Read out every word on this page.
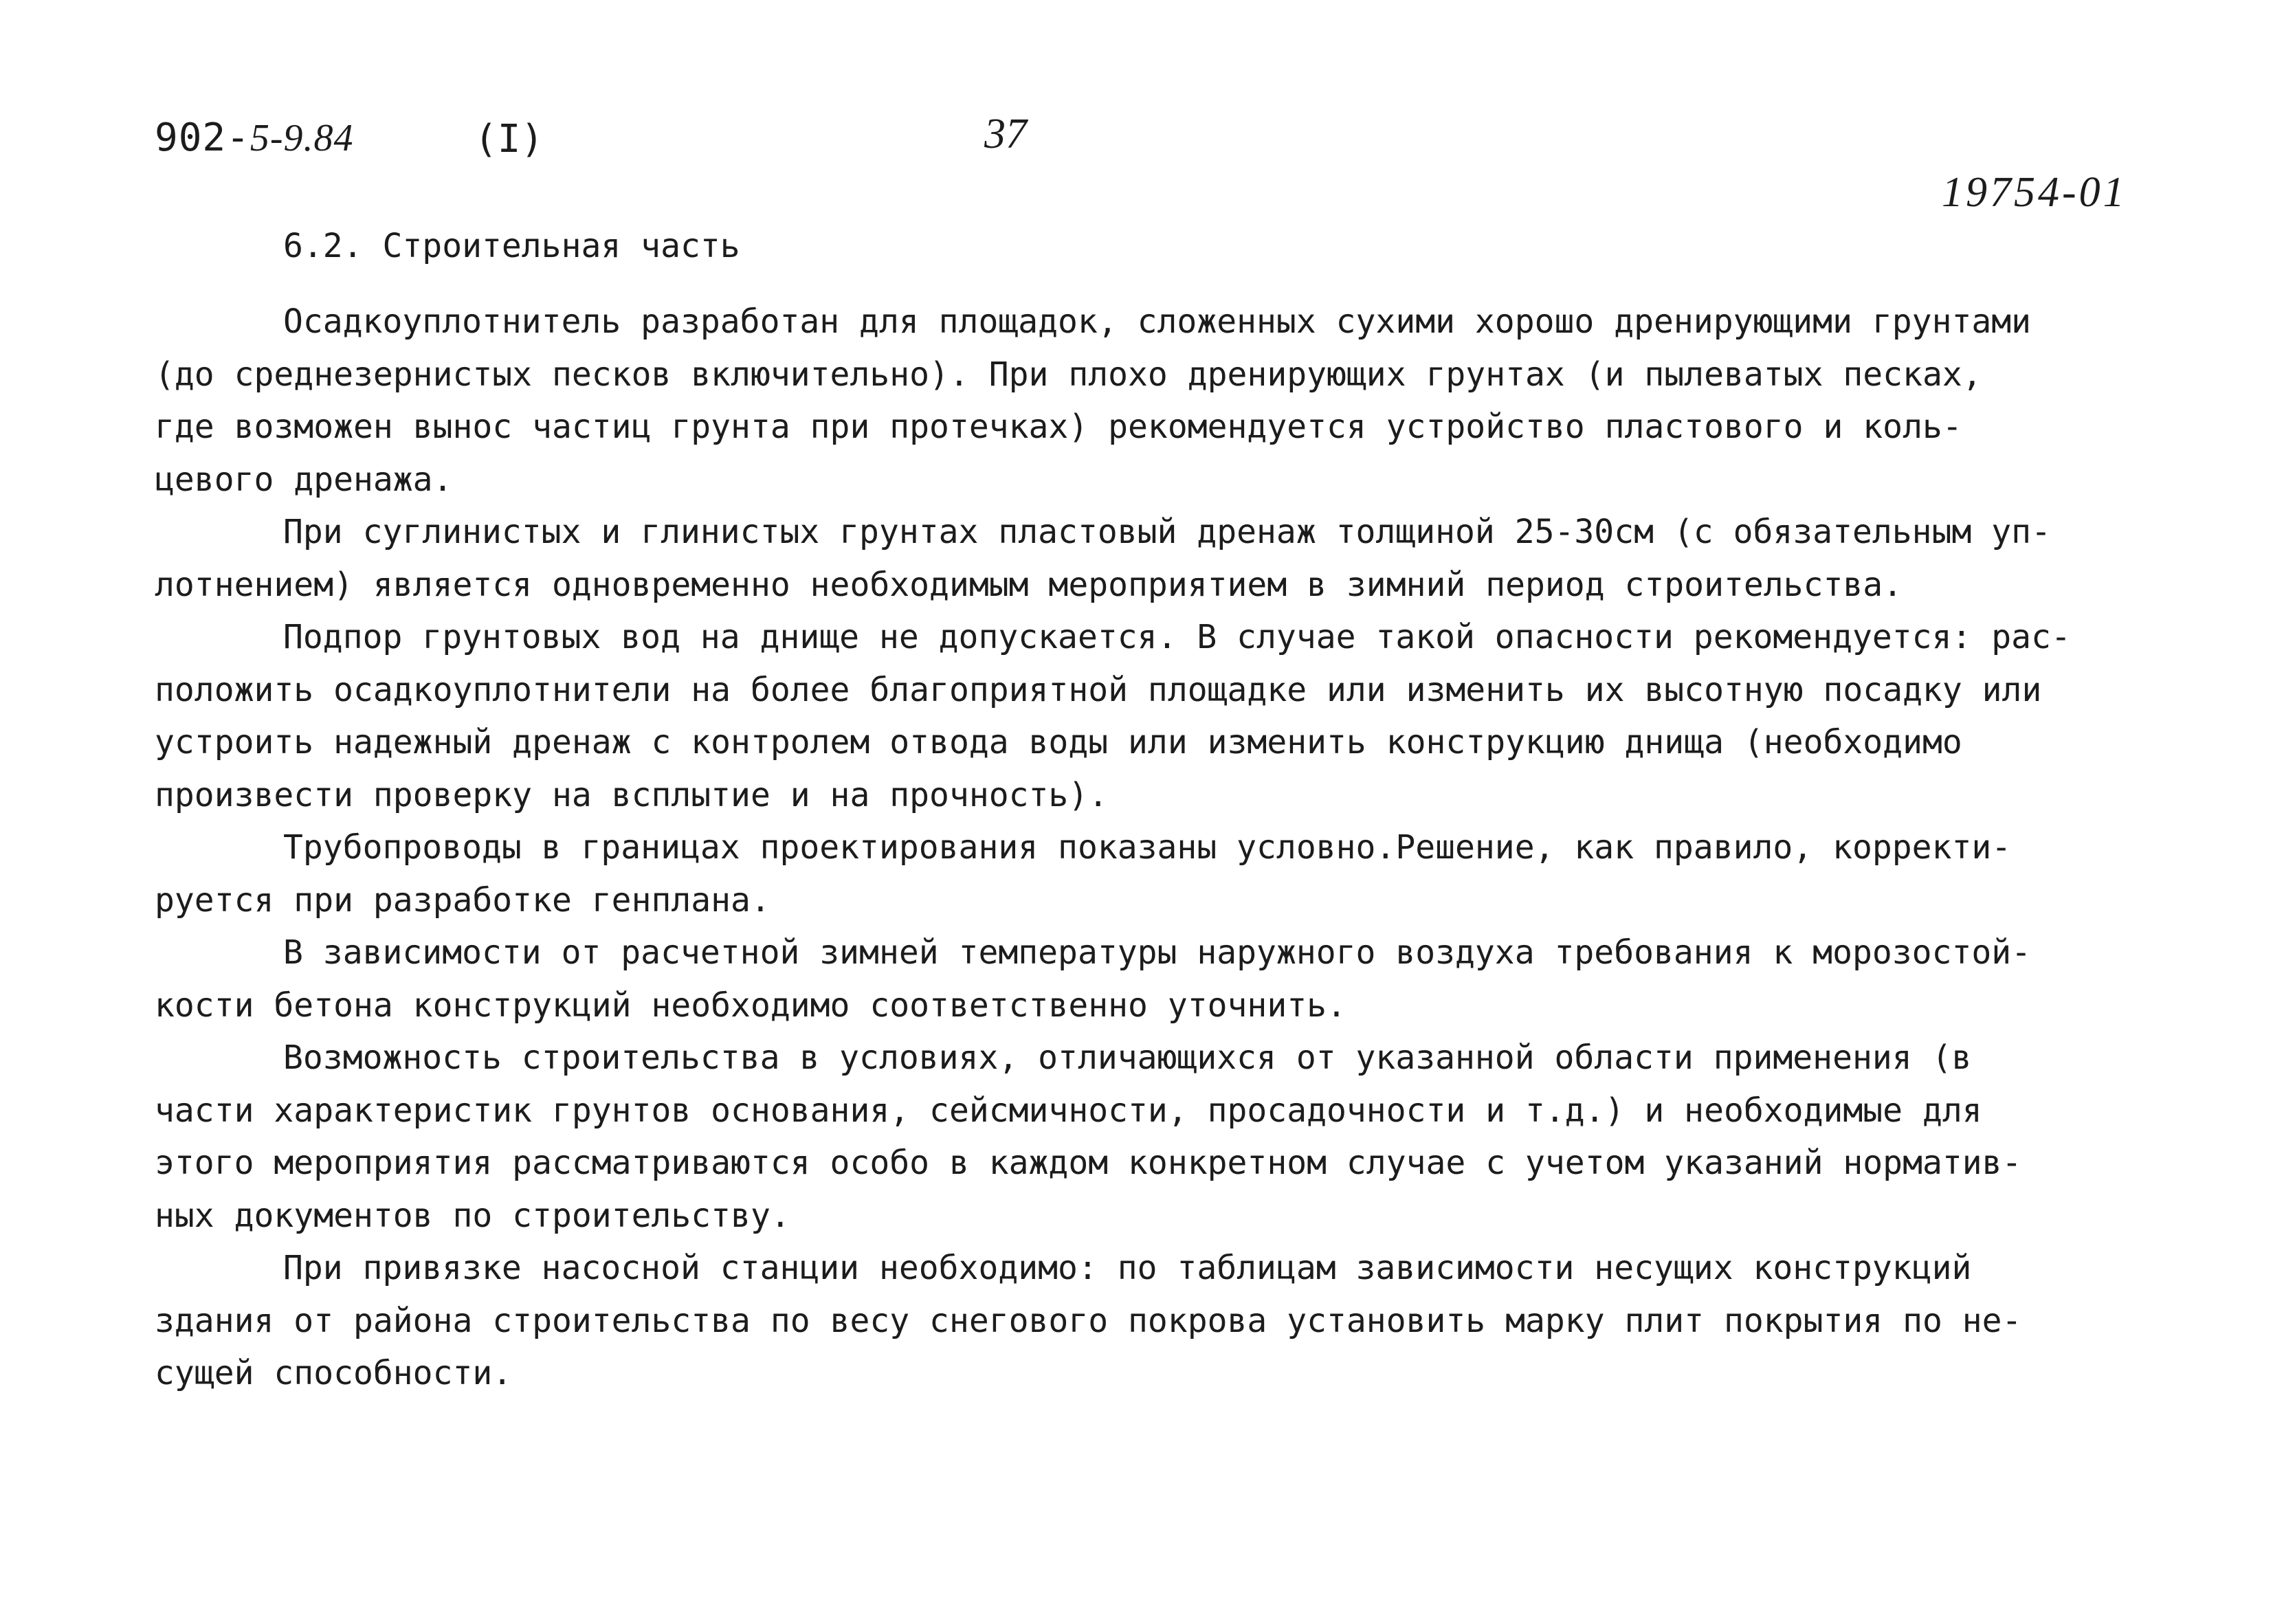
902-5-9.84	(I)	37
19754-01
6.2. Строительная часть
Осадкоуплотнитель разработан для площадок, сложенных сухими хорошо дренирующими грунтами
(до среднезернистых песков включительно). При плохо дренирующих грунтах (и пылеватых песках,
где возможен вынос частиц грунта при протечках) рекомендуется устройство пластового и коль-
цевого дренажа.
При суглинистых и глинистых грунтах пластовый дренаж толщиной 25-30см (с обязательным уп-
лотнением) является одновременно необходимым мероприятием в зимний период строительства.
Подпор грунтовых вод на днище не допускается. В случае такой опасности рекомендуется: рас-
положить осадкоуплотнители на более благоприятной площадке или изменить их высотную посадку или
устроить надежный дренаж с контролем отвода воды или изменить конструкцию днища (необходимо
произвести проверку на всплытие и на прочность).
Трубопроводы в границах проектирования показаны условно.Решение, как правило, корректи-
руется при разработке генплана.
В зависимости от расчетной зимней температуры наружного воздуха требования к морозостой-
кости бетона конструкций необходимо соответственно уточнить.
Возможность строительства в условиях, отличающихся от указанной области применения (в
части характеристик грунтов основания, сейсмичности, просадочности и т.д.) и необходимые для
этого мероприятия рассматриваются особо в каждом конкретном случае с учетом указаний норматив-
ных документов по строительству.
При привязке насосной станции необходимо: по таблицам зависимости несущих конструкций
здания от района строительства по весу снегового покрова установить марку плит покрытия по не-
сущей способности.
